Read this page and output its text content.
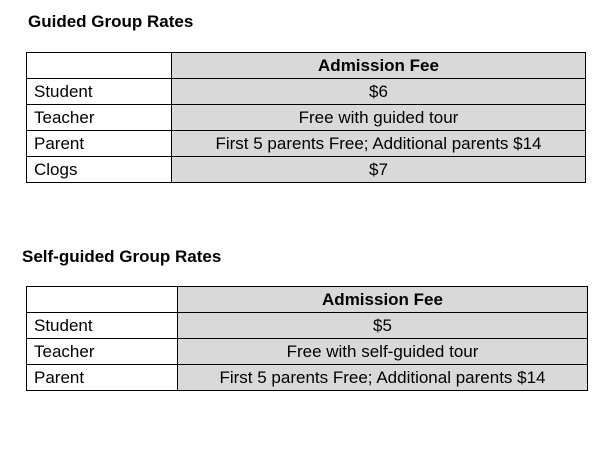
Guided Group Rates
	Admission Fee
Student	$6
Teacher	Free with guided tour
Parent	First 5 parents Free; Additional parents $14
Clogs	$7
Self-guided Group Rates
	Admission Fee
Student	$5
Teacher	Free with self-guided tour
Parent	First 5 parents Free; Additional parents $14
